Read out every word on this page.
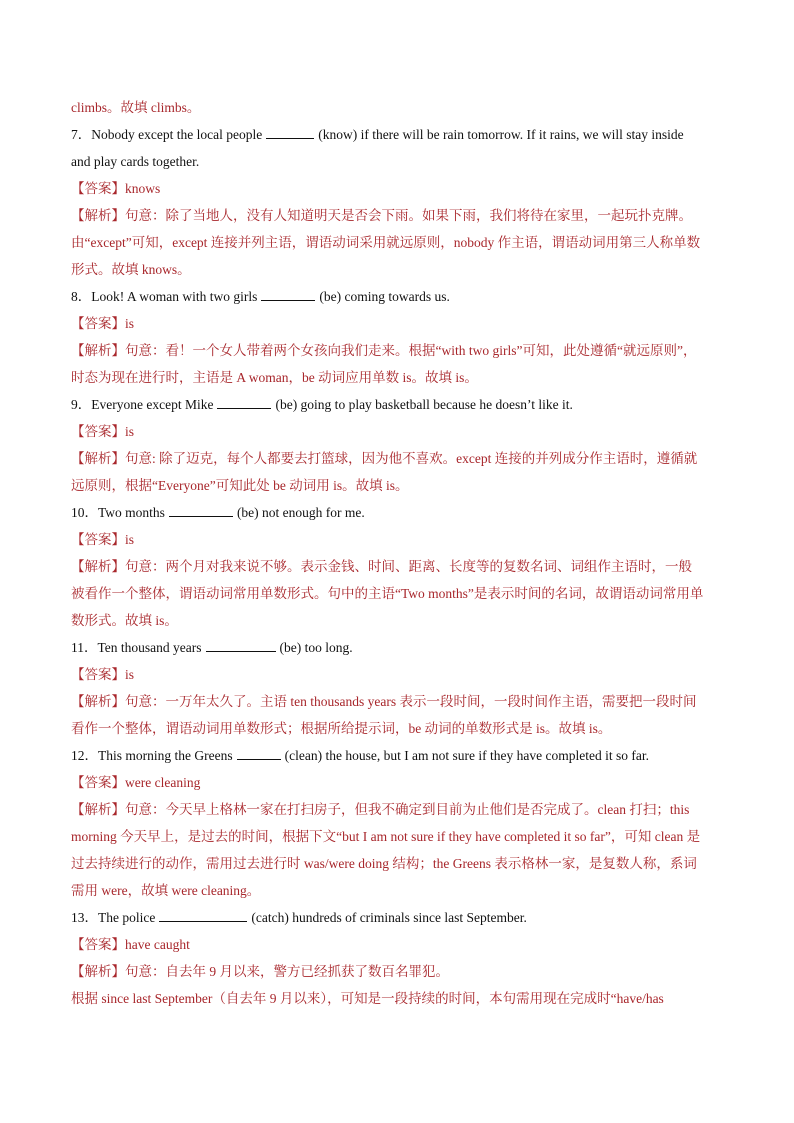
climbs。故填 climbs。
7．Nobody except the local people	(know) if there will be rain tomorrow. If it rains, we will stay inside
and play cards together.
【答案】knows
【解析】句意：除了当地人，没有人知道明天是否会下雨。如果下雨，我们将待在家里，一起玩扑克牌。
由“except”可知，except 连接并列主语，谓语动词采用就远原则，nobody 作主语，谓语动词用第三人称单数
形式。故填 knows。
8．Look! A woman with two girls	(be) coming towards us.
【答案】is
【解析】句意：看！一个女人带着两个女孩向我们走来。根据“with two girls”可知，此处遵循“就远原则”，
时态为现在进行时，主语是 A woman，be 动词应用单数 is。故填 is。
9．Everyone except Mike	(be) going to play basketball because he doesn’t like it.
【答案】is
【解析】句意: 除了迈克，每个人都要去打篮球，因为他不喜欢。except 连接的并列成分作主语时，遵循就
远原则，根据“Everyone”可知此处 be 动词用 is。故填 is。
10．Two months	(be) not enough for me.
【答案】is
【解析】句意：两个月对我来说不够。表示金钱、时间、距离、长度等的复数名词、词组作主语时，一般
被看作一个整体，谓语动词常用单数形式。句中的主语“Two months”是表示时间的名词，故谓语动词常用单
数形式。故填 is。
11．Ten thousand years	(be) too long.
【答案】is
【解析】句意：一万年太久了。主语 ten thousands years 表示一段时间，一段时间作主语，需要把一段时间
看作一个整体，谓语动词用单数形式；根据所给提示词，be 动词的单数形式是 is。故填 is。
12．This morning the Greens	(clean) the house, but I am not sure if they have completed it so far.
【答案】were cleaning
【解析】句意：今天早上格林一家在打扫房子，但我不确定到目前为止他们是否完成了。clean 打扫；this
morning 今天早上，是过去的时间，根据下文“but I am not sure if they have completed it so far”，可知 clean 是
过去持续进行的动作，需用过去进行时 was/were doing 结构；the Greens 表示格林一家，是复数人称，系词
需用 were，故填 were cleaning。
13．The police	(catch) hundreds of criminals since last September.
【答案】have caught
【解析】句意：自去年 9 月以来，警方已经抓获了数百名罪犯。
根据 since last September（自去年 9 月以来），可知是一段持续的时间，本句需用现在完成时“have/has
